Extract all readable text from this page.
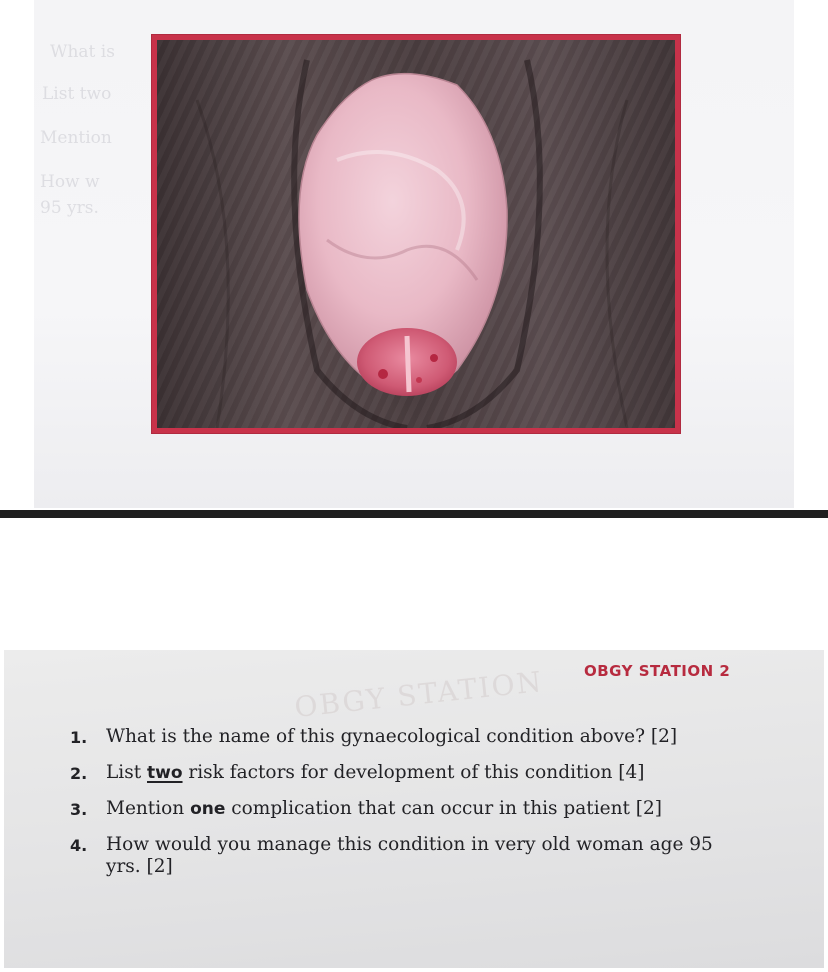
What is
List two
Mention
How w
95 yrs.
OBGY STATION	OBGY STATION 2
1.	What is the name of this gynaecological condition above? [2]
2.	List two risk factors for development of this condition [4]
3.	Mention one complication that can occur in this patient [2]
4.	How would you manage this condition in very old woman age 95 yrs. [2]
